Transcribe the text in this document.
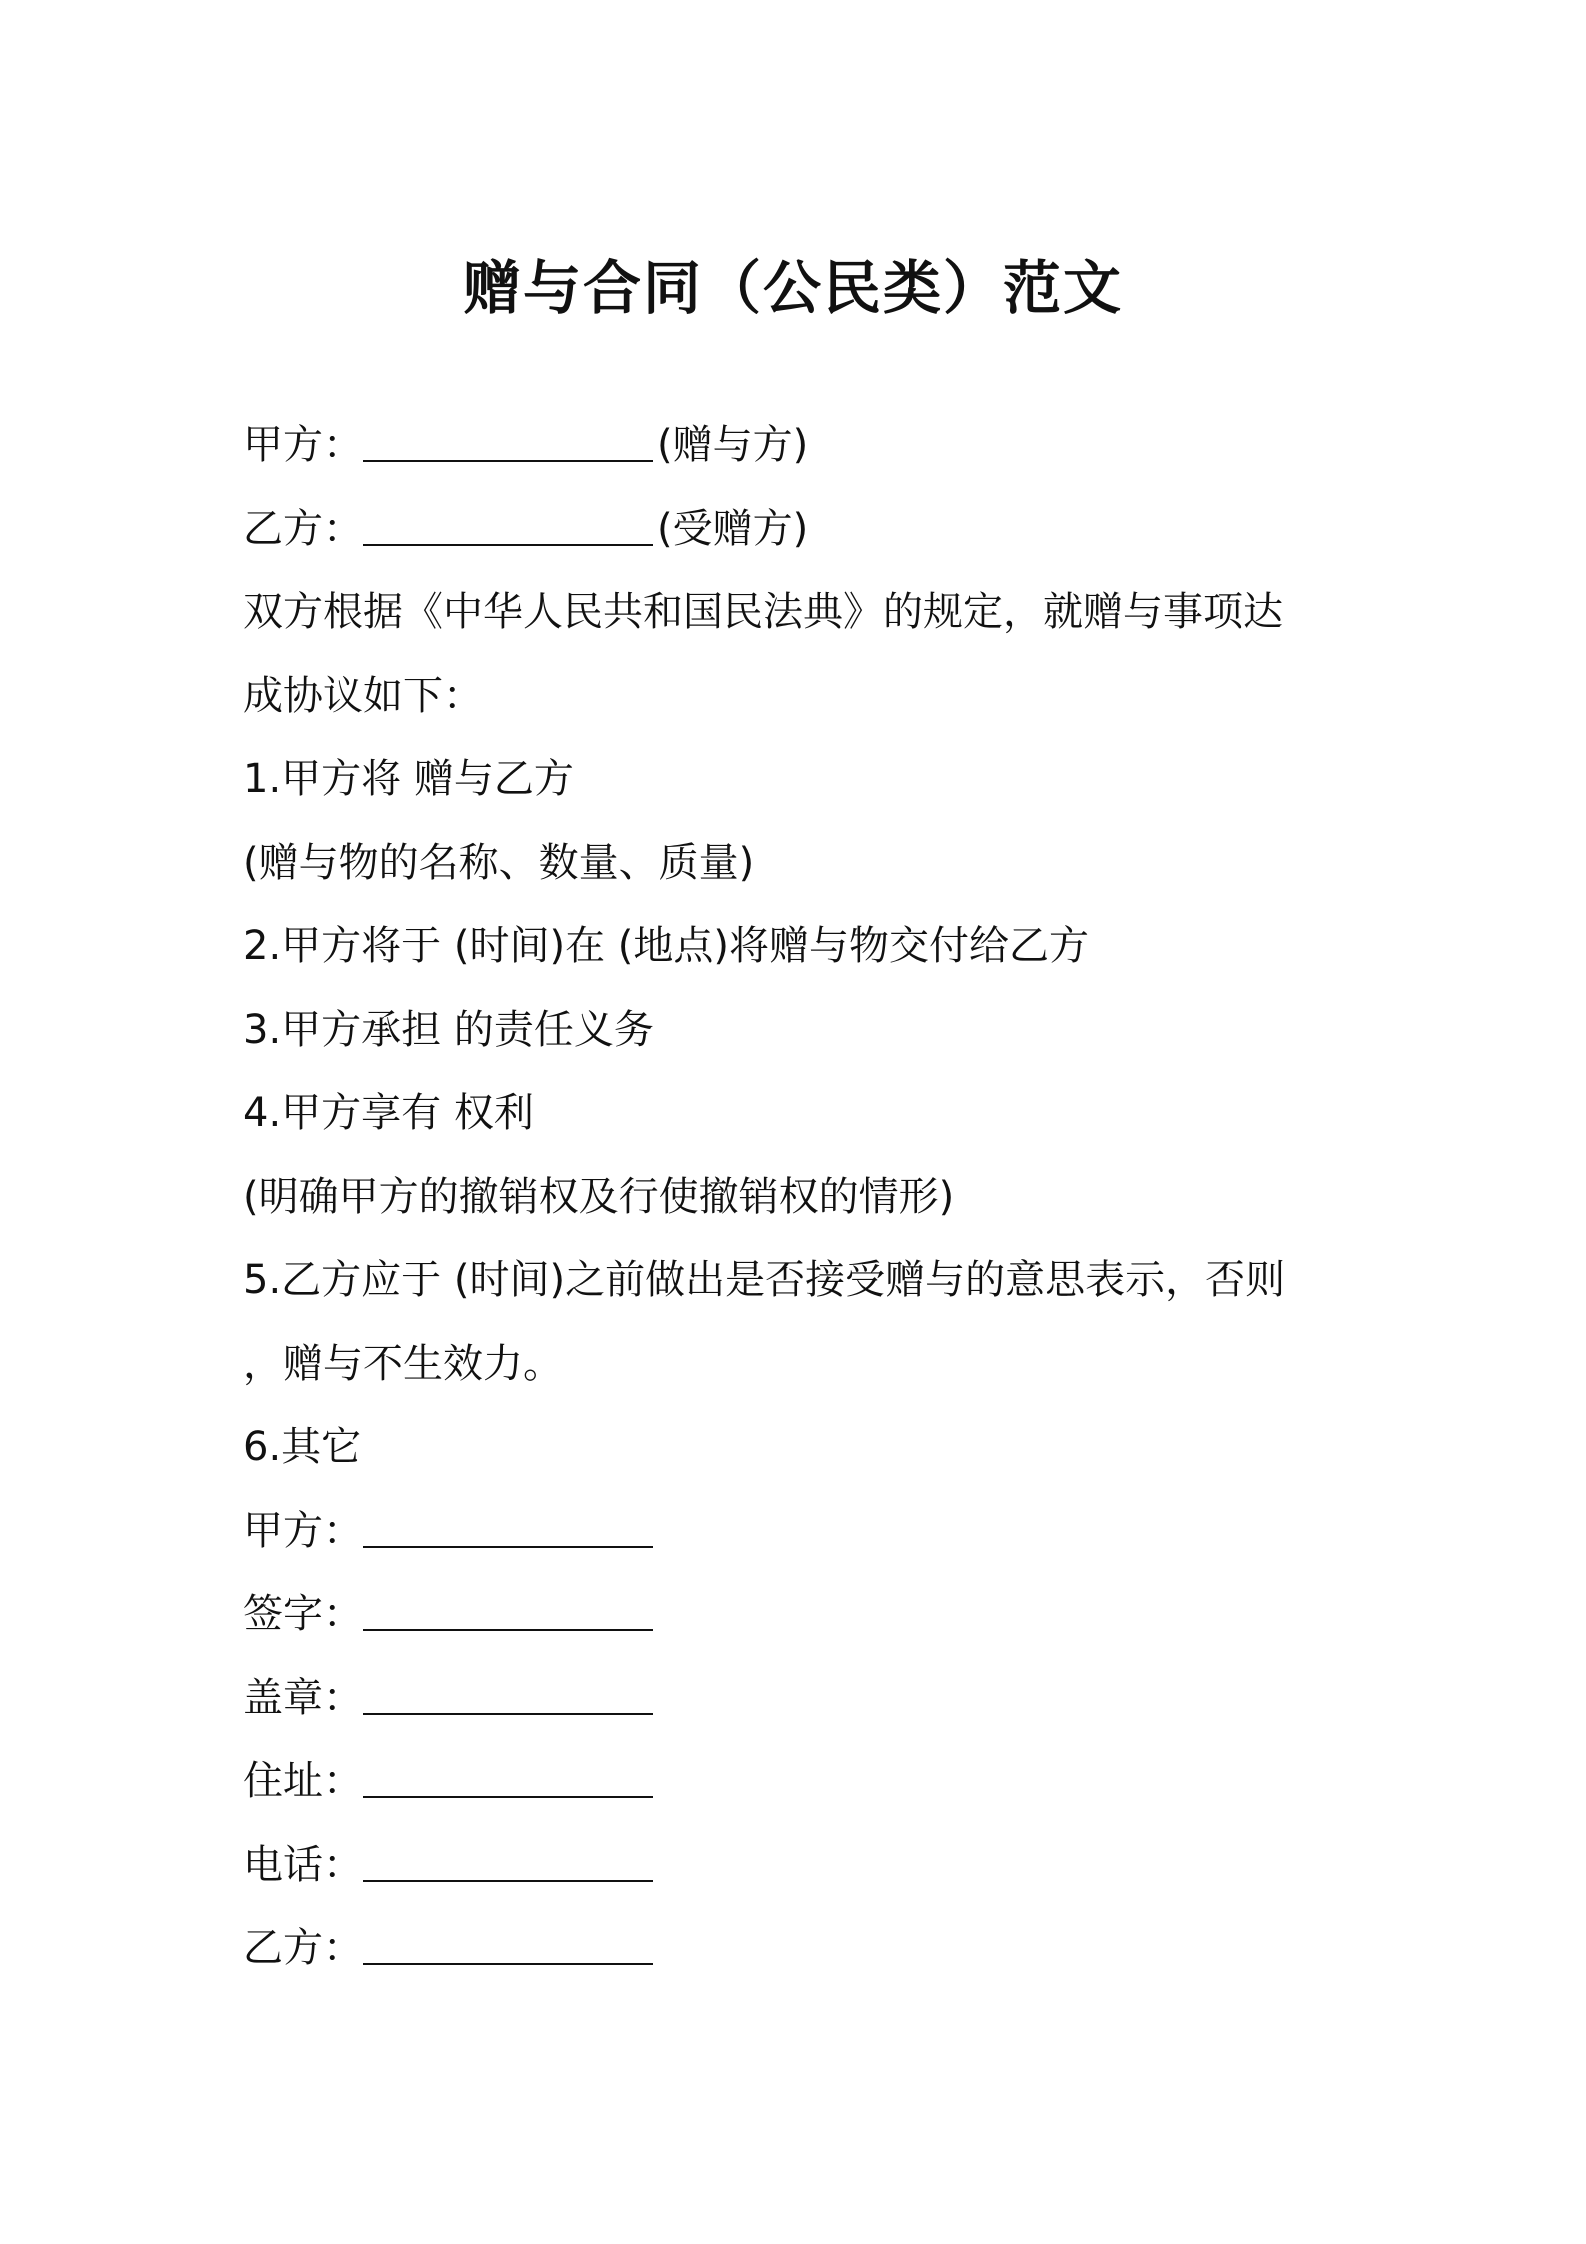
赠与合同（公民类）范文
甲方：	(赠与方)
乙方：	(受赠方)
双方根据《中华人民共和国民法典》的规定，就赠与事项达
成协议如下：
1.甲方将 赠与乙方
(赠与物的名称、数量、质量)
2.甲方将于 (时间)在 (地点)将赠与物交付给乙方
3.甲方承担 的责任义务
4.甲方享有 权利
(明确甲方的撤销权及行使撤销权的情形)
5.乙方应于 (时间)之前做出是否接受赠与的意思表示，否则
，赠与不生效力。
6.其它
甲方：
签字：
盖章：
住址：
电话：
乙方：
